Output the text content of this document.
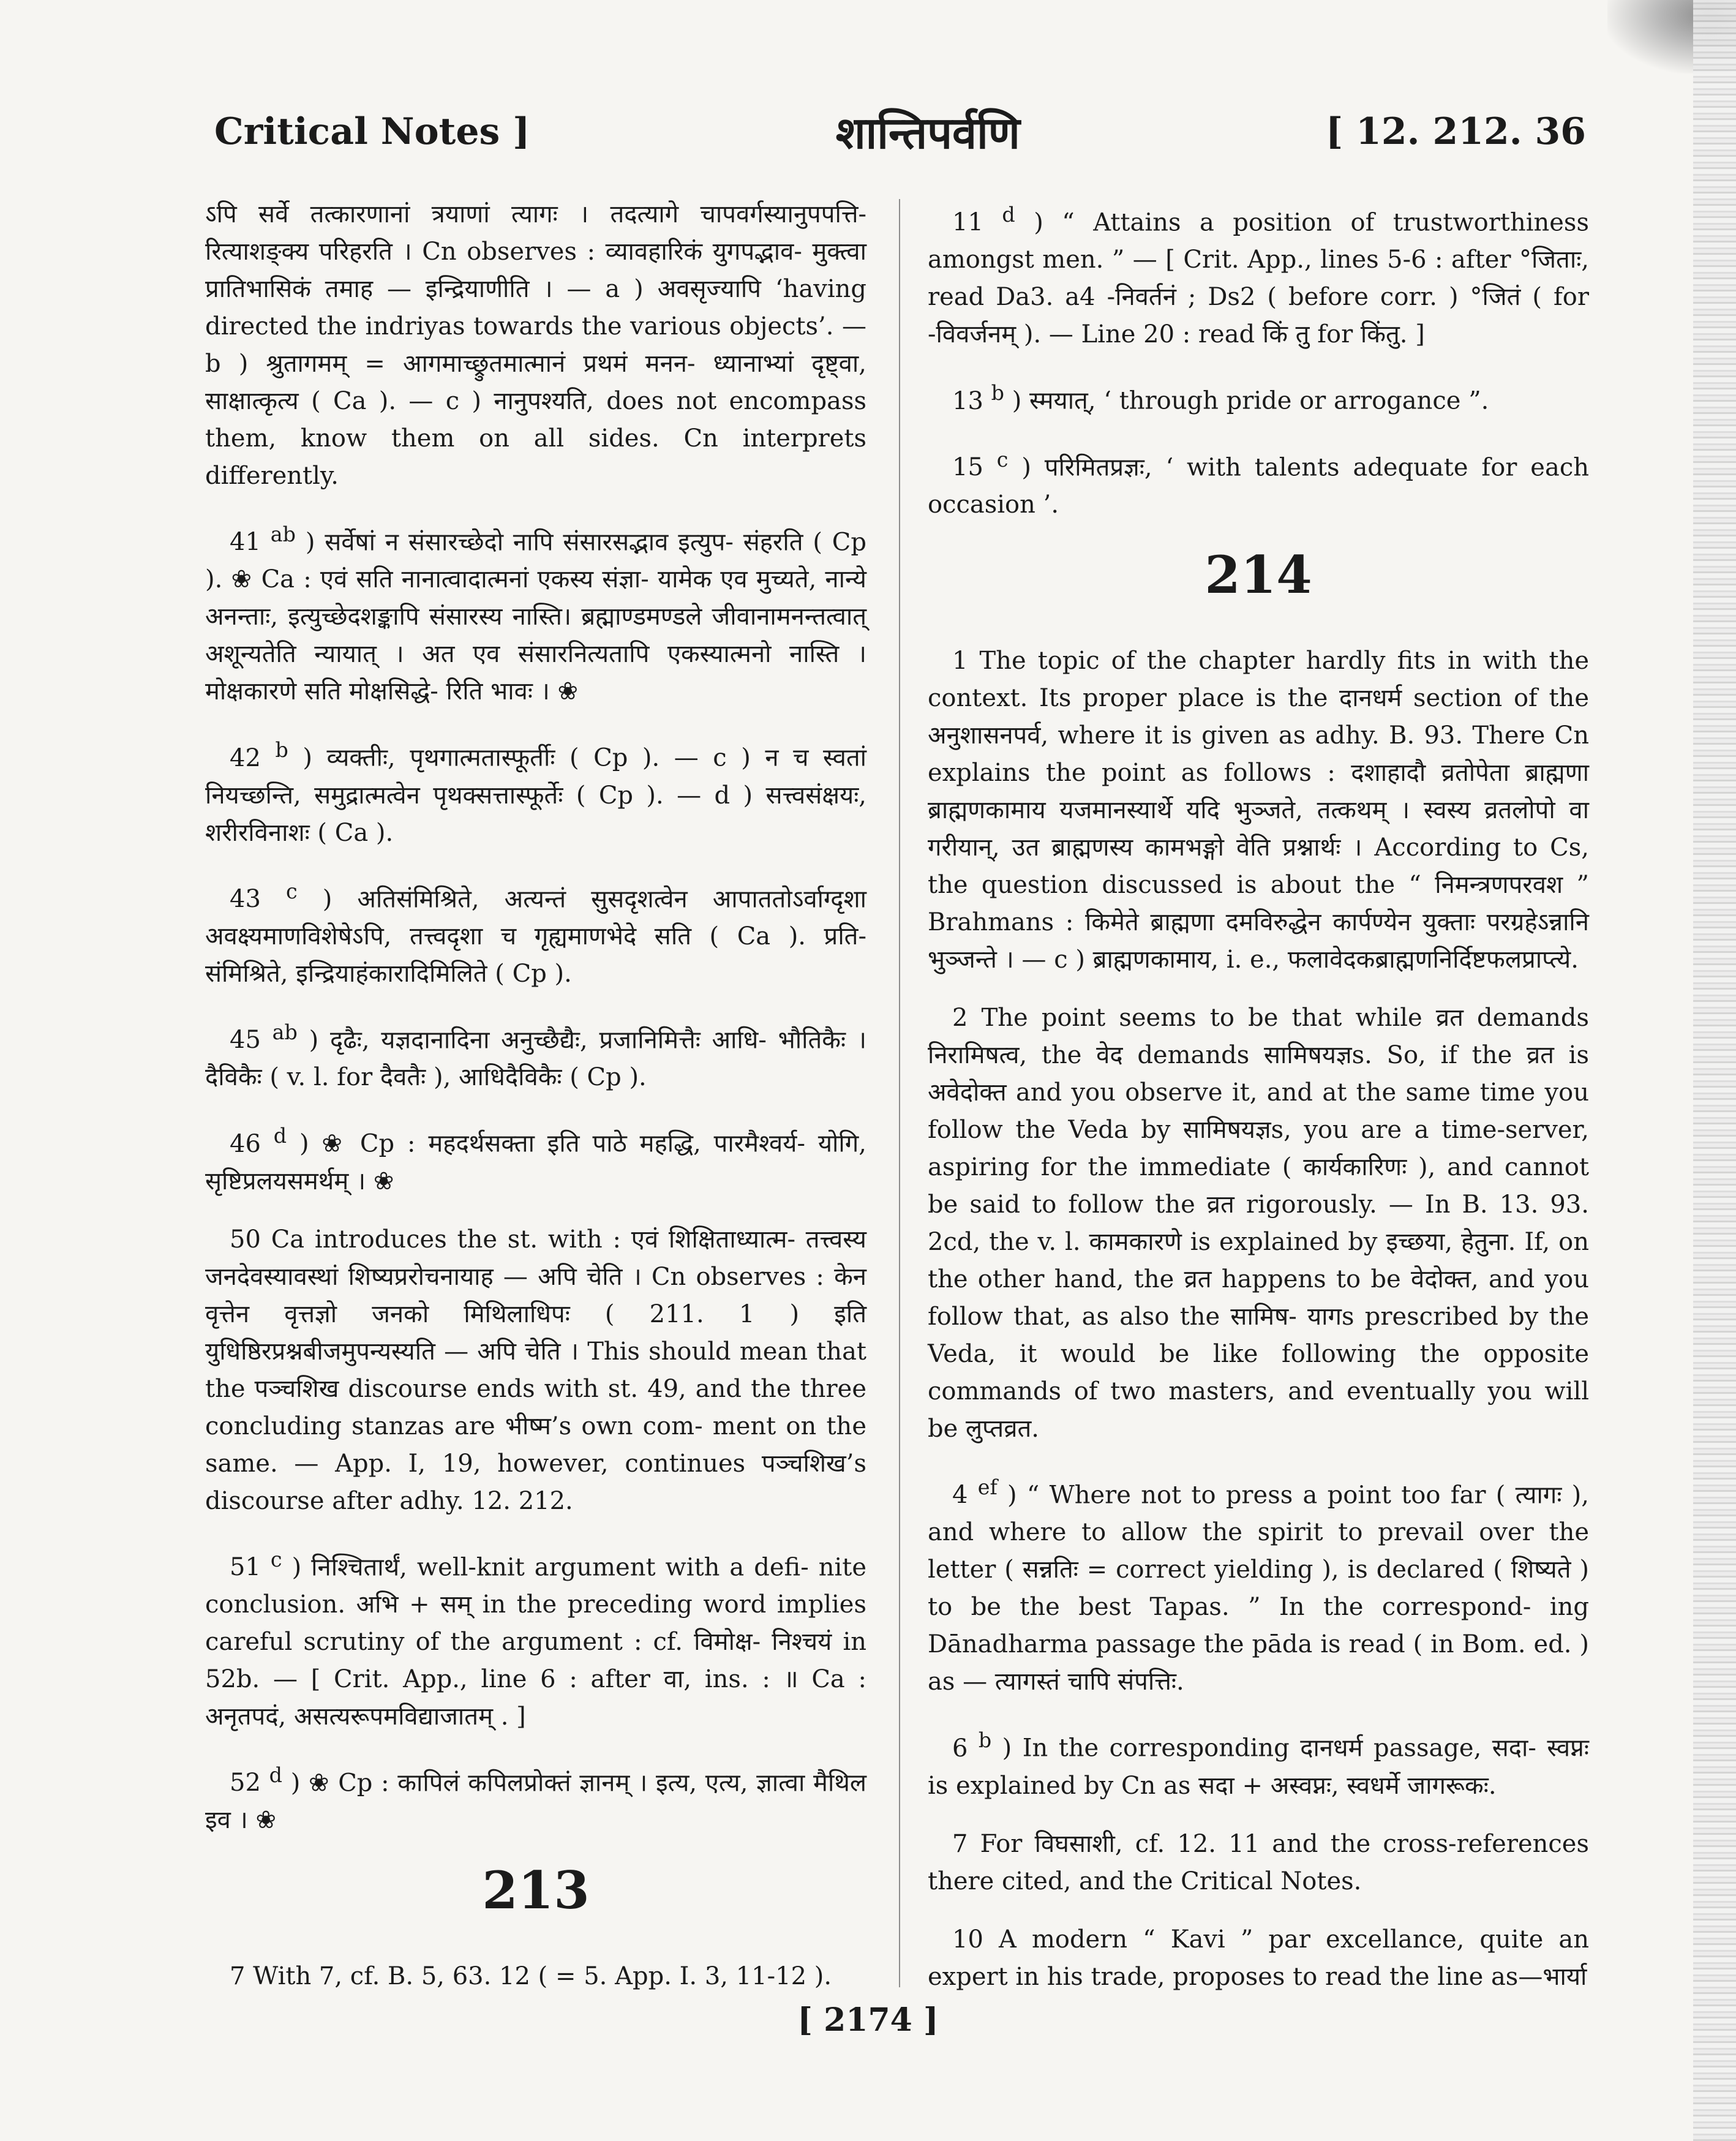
Critical Notes ]	शान्तिपर्वणि	[ 12. 212. 36

ऽपि सर्वे तत्कारणानां त्रयाणां त्यागः । तदत्यागे चापवर्गस्यानुपपत्ति- रित्याशङ्क्य परिहरति । Cn observes : व्यावहारिकं युगपद्भाव- मुक्त्वा प्रातिभासिकं तमाह — इन्द्रियाणीति । — a ) अवसृज्यापि ‘having directed the indriyas towards the various objects’. — b ) श्रुतागमम् = आगमाच्छ्रुतमात्मानं प्रथमं मनन- ध्यानाभ्यां दृष्ट्वा, साक्षात्कृत्य ( Ca ). — c ) नानुपश्यति, does not encompass them, know them on all sides. Cn interprets differently.

41 $^{ab}$ ) सर्वेषां न संसारच्छेदो नापि संसारसद्भाव इत्युप- संहरति ( Cp ). ❀ Ca : एवं सति नानात्वादात्मनां एकस्य संज्ञा- यामेक एव मुच्यते, नान्ये अनन्ताः, इत्युच्छेदशङ्कापि संसारस्य नास्ति। ब्रह्माण्डमण्डले जीवानामनन्तत्वात् अशून्यतेति न्यायात् । अत एव संसारनित्यतापि एकस्यात्मनो नास्ति । मोक्षकारणे सति मोक्षसिद्धे- रिति भावः । ❀

42 $^b$ ) व्यक्तीः, पृथगात्मतास्फूर्तीः ( Cp ). — c ) न च स्वतां नियच्छन्ति, समुद्रात्मत्वेन पृथक्सत्तास्फूर्तेः ( Cp ). — d ) सत्त्वसंक्षयः, शरीरविनाशः ( Ca ).

43 $^c$ ) अतिसंमिश्रिते, अत्यन्तं सुसदृशत्वेन आपाततोऽर्वाग्दृशा अवक्ष्यमाणविशेषेऽपि, तत्त्वदृशा च गृह्यमाणभेदे सति ( Ca ). प्रति- संमिश्रिते, इन्द्रियाहंकारादिमिलिते ( Cp ).

45 $^{ab}$ ) दृढैः, यज्ञदानादिना अनुच्छैद्यैः, प्रजानिमित्तैः आधि- भौतिकैः । दैविकैः ( v. l. for दैवतैः ), आधिदैविकैः ( Cp ).

46 $^d$ ) ❀ Cp : महदर्थसक्ता इति पाठे महद्धि, पारमैश्वर्य- योगि, सृष्टिप्रलयसमर्थम् । ❀

50 Ca introduces the st. with : एवं शिक्षिताध्यात्म- तत्त्वस्य जनदेवस्यावस्थां शिष्यप्ररोचनायाह — अपि चेति । Cn observes : केन वृत्तेन वृत्तज्ञो जनको मिथिलाधिपः ( 211. 1 ) इति युधिष्ठिरप्रश्नबीजमुपन्यस्यति — अपि चेति । This should mean that the पञ्चशिख discourse ends with st. 49, and the three concluding stanzas are भीष्म’s own com- ment on the same. — App. I, 19, however, continues पञ्चशिख’s discourse after adhy. 12. 212.

51 $^c$ ) निश्चितार्थं, well-knit argument with a defi- nite conclusion. अभि + सम् in the preceding word implies careful scrutiny of the argument : cf. विमोक्ष- निश्चयं in 52b. — [ Crit. App., line 6 : after वा, ins. : ॥ Ca : अनृतपदं, असत्यरूपमविद्याजातम् . ]

52 $^d$ ) ❀ Cp : कापिलं कपिलप्रोक्तं ज्ञानम् । इत्य, एत्य, ज्ञात्वा मैथिल इव । ❀

213

7 With 7, cf. B. 5, 63. 12 ( = 5. App. I. 3, 11-12 ).

11 $^d$ ) “ Attains a position of trustworthiness amongst men. ” — [ Crit. App., lines 5-6 : after °जिताः, read Da3. a4 -निवर्तनं ; Ds2 ( before corr. ) °जितं ( for -विवर्जनम् ). — Line 20 : read किं तु for किंतु. ]

13 $^b$ ) स्मयात्, ‘ through pride or arrogance ”.

15 $^c$ ) परिमितप्रज्ञः, ‘ with talents adequate for each occasion ’.

214

1 The topic of the chapter hardly fits in with the context. Its proper place is the दानधर्म section of the अनुशासनपर्व, where it is given as adhy. B. 93. There Cn explains the point as follows : दशाहादौ व्रतोपेता ब्राह्मणा ब्राह्मणकामाय यजमानस्यार्थे यदि भुञ्जते, तत्कथम् । स्वस्य व्रतलोपो वा गरीयान्, उत ब्राह्मणस्य कामभङ्गो वेति प्रश्नार्थः । According to Cs, the question discussed is about the “ निमन्त्रणपरवश ” Brahmans : किमेते ब्राह्मणा दमविरुद्धेन कार्पण्येन युक्ताः परग्रहेऽन्नानि भुञ्जन्ते । — c ) ब्राह्मणकामाय, i. e., फलावेदकब्राह्मणनिर्दिष्टफलप्राप्त्ये.

2 The point seems to be that while व्रत demands निरामिषत्व, the वेद demands सामिषयज्ञs. So, if the व्रत is अवेदोक्त and you observe it, and at the same time you follow the Veda by सामिषयज्ञs, you are a time-server, aspiring for the immediate ( कार्यकारिणः ), and cannot be said to follow the व्रत rigorously. — In B. 13. 93. 2cd, the v. l. कामकारणे is explained by इच्छया, हेतुना. If, on the other hand, the व्रत happens to be वेदोक्त, and you follow that, as also the सामिष- यागs prescribed by the Veda, it would be like following the opposite commands of two masters, and eventually you will be लुप्तव्रत.

4 $^{ef}$ ) “ Where not to press a point too far ( त्यागः ), and where to allow the spirit to prevail over the letter ( सन्नतिः = correct yielding ), is declared ( शिष्यते ) to be the best Tapas. ” In the correspond- ing Dānadharma passage the pāda is read ( in Bom. ed. ) as — त्यागस्तं चापि संपत्तिः.

6 $^b$ ) In the corresponding दानधर्म passage, सदा- स्वप्नः is explained by Cn as सदा + अस्वप्नः, स्वधर्मे जागरूकः.

7 For विघसाशी, cf. 12. 11 and the cross-references there cited, and the Critical Notes.

10 A modern “ Kavi ” par excellance, quite an expert in his trade, proposes to read the line as—भार्या

[ 2174 ]
